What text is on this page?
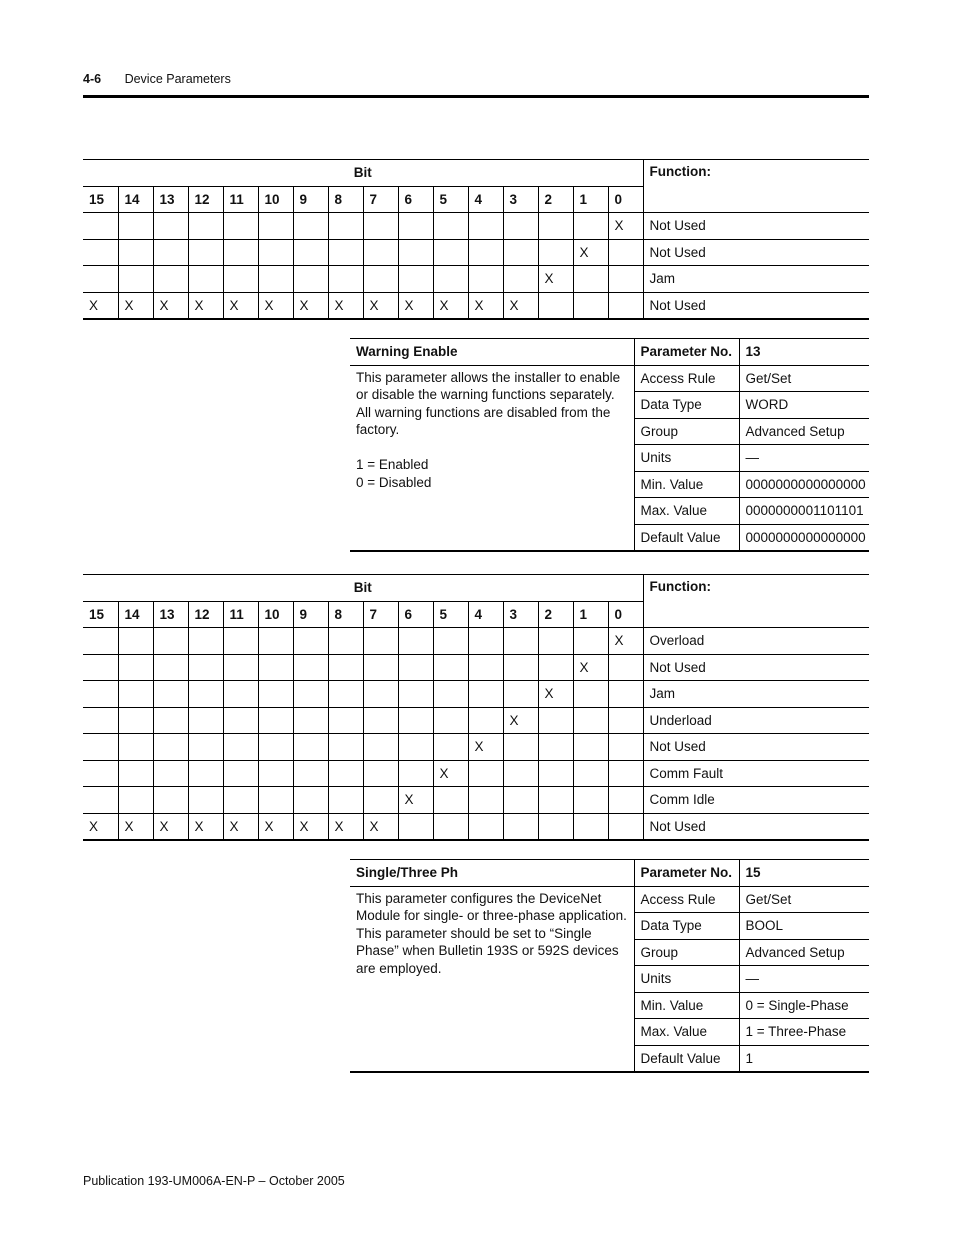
4-6 Device Parameters
Bit																Function:
15	14	13	12	11	10	9	8	7	6	5	4	3	2	1	0	
															X	Not Used
														X		Not Used
													X			Jam
X	X	X	X	X	X	X	X	X	X	X	X	X				Not Used
Warning Enable	Parameter No.	13

This parameter allows the installer to enable or disable the warning functions separately. All warning functions are disabled from the factory.

1 = Enabled
0 = Disabled	Access Rule	Get/Set
	Data Type	WORD
	Group	Advanced Setup
	Units	—
	Min. Value	0000000000000000
	Max. Value	0000000001101101
	Default Value	0000000000000000
Bit																Function:
15	14	13	12	11	10	9	8	7	6	5	4	3	2	1	0	
															X	Overload
														X		Not Used
													X			Jam
												X				Underload
											X					Not Used
										X						Comm Fault
									X							Comm Idle
X	X	X	X	X	X	X	X	X								Not Used
Single/Three Ph	Parameter No.	15

This parameter configures the DeviceNet Module for single- or three-phase application. This parameter should be set to “Single Phase” when Bulletin 193S or 592S devices are employed.	Access Rule	Get/Set
	Data Type	BOOL
	Group	Advanced Setup
	Units	—
	Min. Value	0 = Single-Phase
	Max. Value	1 = Three-Phase
	Default Value	1
Publication 193-UM006A-EN-P – October 2005
